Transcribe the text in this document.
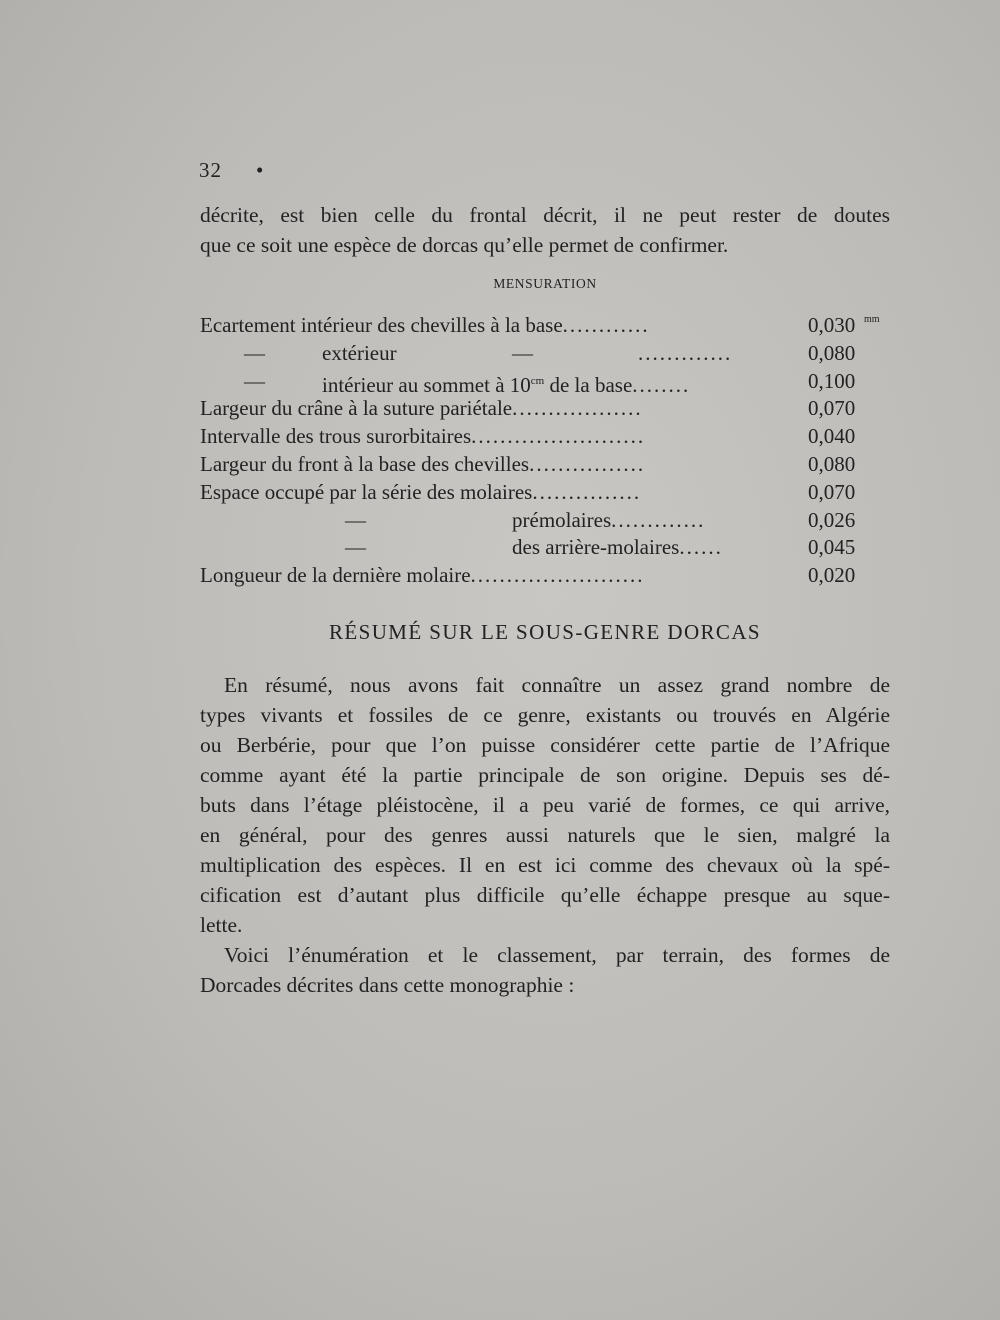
32 •
décrite, est bien celle du frontal décrit, il ne peut rester de doutes
que ce soit une espèce de dorcas qu’elle permet de confirmer.
MENSURATION
Ecartement intérieur des chevilles à la base............	0,030 mm
—	extérieur	—	.............	0,080
—	intérieur au sommet à $10^{cm}$ de la base........	0,100
Largeur du crâne à la suture pariétale..................	0,070
Intervalle des trous surorbitaires........................	0,040
Largeur du front à la base des chevilles................	0,080
Espace occupé par la série des molaires...............	0,070
—	prémolaires.............	0,026
—	des arrière-molaires......	0,045
Longueur de la dernière molaire........................	0,020
RÉSUMÉ SUR LE SOUS-GENRE DORCAS
En résumé, nous avons fait connaître un assez grand nombre de
types vivants et fossiles de ce genre, existants ou trouvés en Algérie
ou Berbérie, pour que l’on puisse considérer cette partie de l’Afrique
comme ayant été la partie principale de son origine. Depuis ses dé-
buts dans l’étage pléistocène, il a peu varié de formes, ce qui arrive,
en général, pour des genres aussi naturels que le sien, malgré la
multiplication des espèces. Il en est ici comme des chevaux où la spé-
cification est d’autant plus difficile qu’elle échappe presque au sque-
lette.
Voici l’énumération et le classement, par terrain, des formes de
Dorcades décrites dans cette monographie :
